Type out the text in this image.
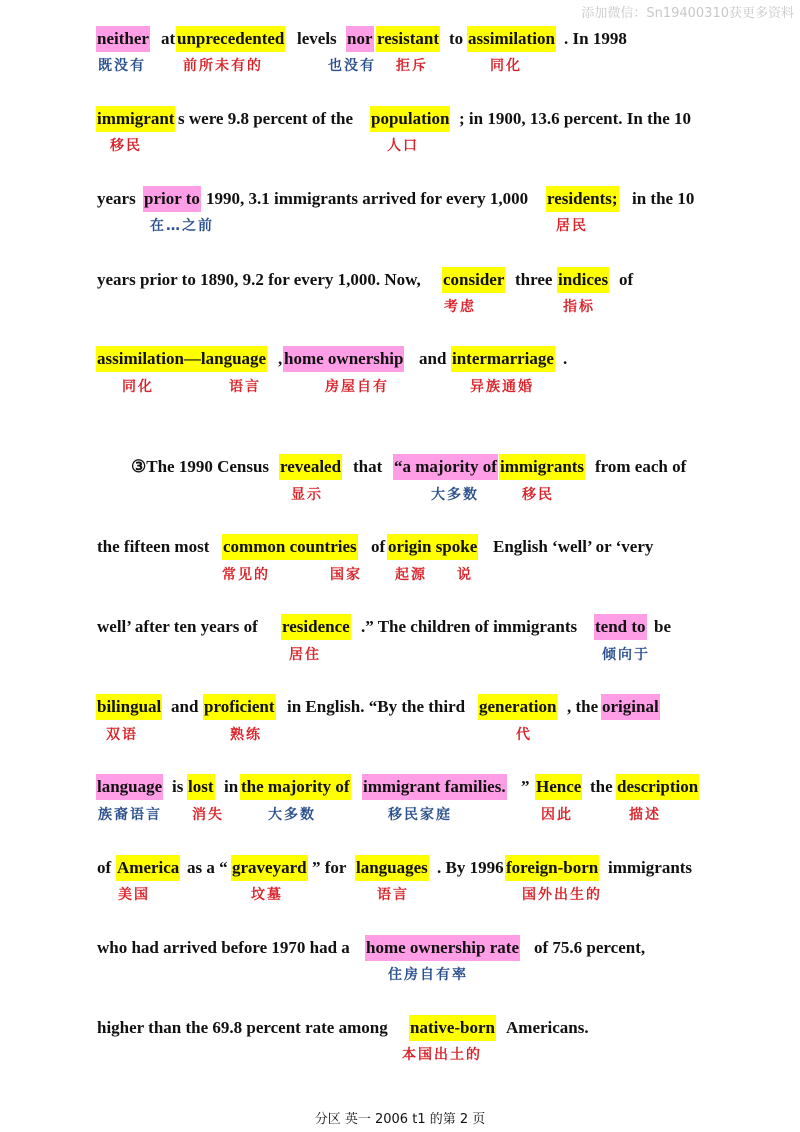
添加微信：Sn19400310获更多资料
neither at unprecedented levels nor resistant to assimilation . In 1998
immigrant s were 9.8 percent of the population ; in 1900, 13.6 percent. In the 10
years prior to 1990, 3.1 immigrants arrived for every 1,000 residents; in the 10
years prior to 1890, 9.2 for every 1,000. Now, consider three indices of
assimilation—language , home ownership and intermarriage .
③The 1990 Census revealed that “a majority of immigrants from each of
the fifteen most common countries of origin spoke English ‘well’ or ‘very
well’ after ten years of residence .” The children of immigrants tend to be
bilingual and proficient in English. “By the third generation , the original
language is lost in the majority of immigrant families. ” Hence the description
of America as a “ graveyard ” for languages . By 1996 foreign-born immigrants
who had arrived before 1970 had a home ownership rate of 75.6 percent,
higher than the 69.8 percent rate among native-born Americans.
既没有	前所未有的	也没有 拒斥	同化
移民	人口
在…之前	居民
考虑	指标
同化	语言	房屋自有	异族通婚
显示	大多数	移民
常见的	国家 起源 说
居住	倾向于
双语	熟练	代
族裔语言 消失	大多数	移民家庭	因此	描述
美国	坟墓	语言	国外出生的
住房自有率
本国出土的
分区 英一 2006 t1 的第 2 页
